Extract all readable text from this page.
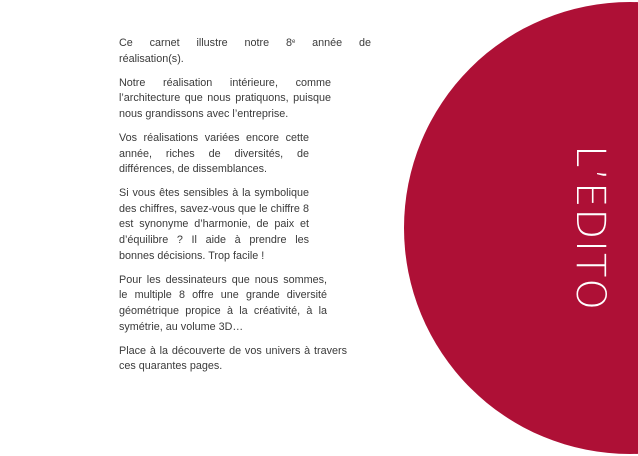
L’EDITO

Ce carnet illustre notre 8e année de
réalisation(s).

Notre réalisation intérieure, comme l’architecture que nous pratiquons, puisque nous grandissons avec l’entreprise.

Vos réalisations variées encore cette année, riches de diversités, de différences, de dissemblances.

Si vous êtes sensibles à la symbolique des chiffres, savez-vous que le chiffre 8 est synonyme d’harmonie, de paix et d’équilibre ? Il aide à prendre les bonnes décisions. Trop facile !

Pour les dessinateurs que nous sommes, le multiple 8 offre une grande diversité géométrique propice à la créativité, à la symétrie, au volume 3D…

Place à la découverte de vos univers à travers ces quarantes pages.
